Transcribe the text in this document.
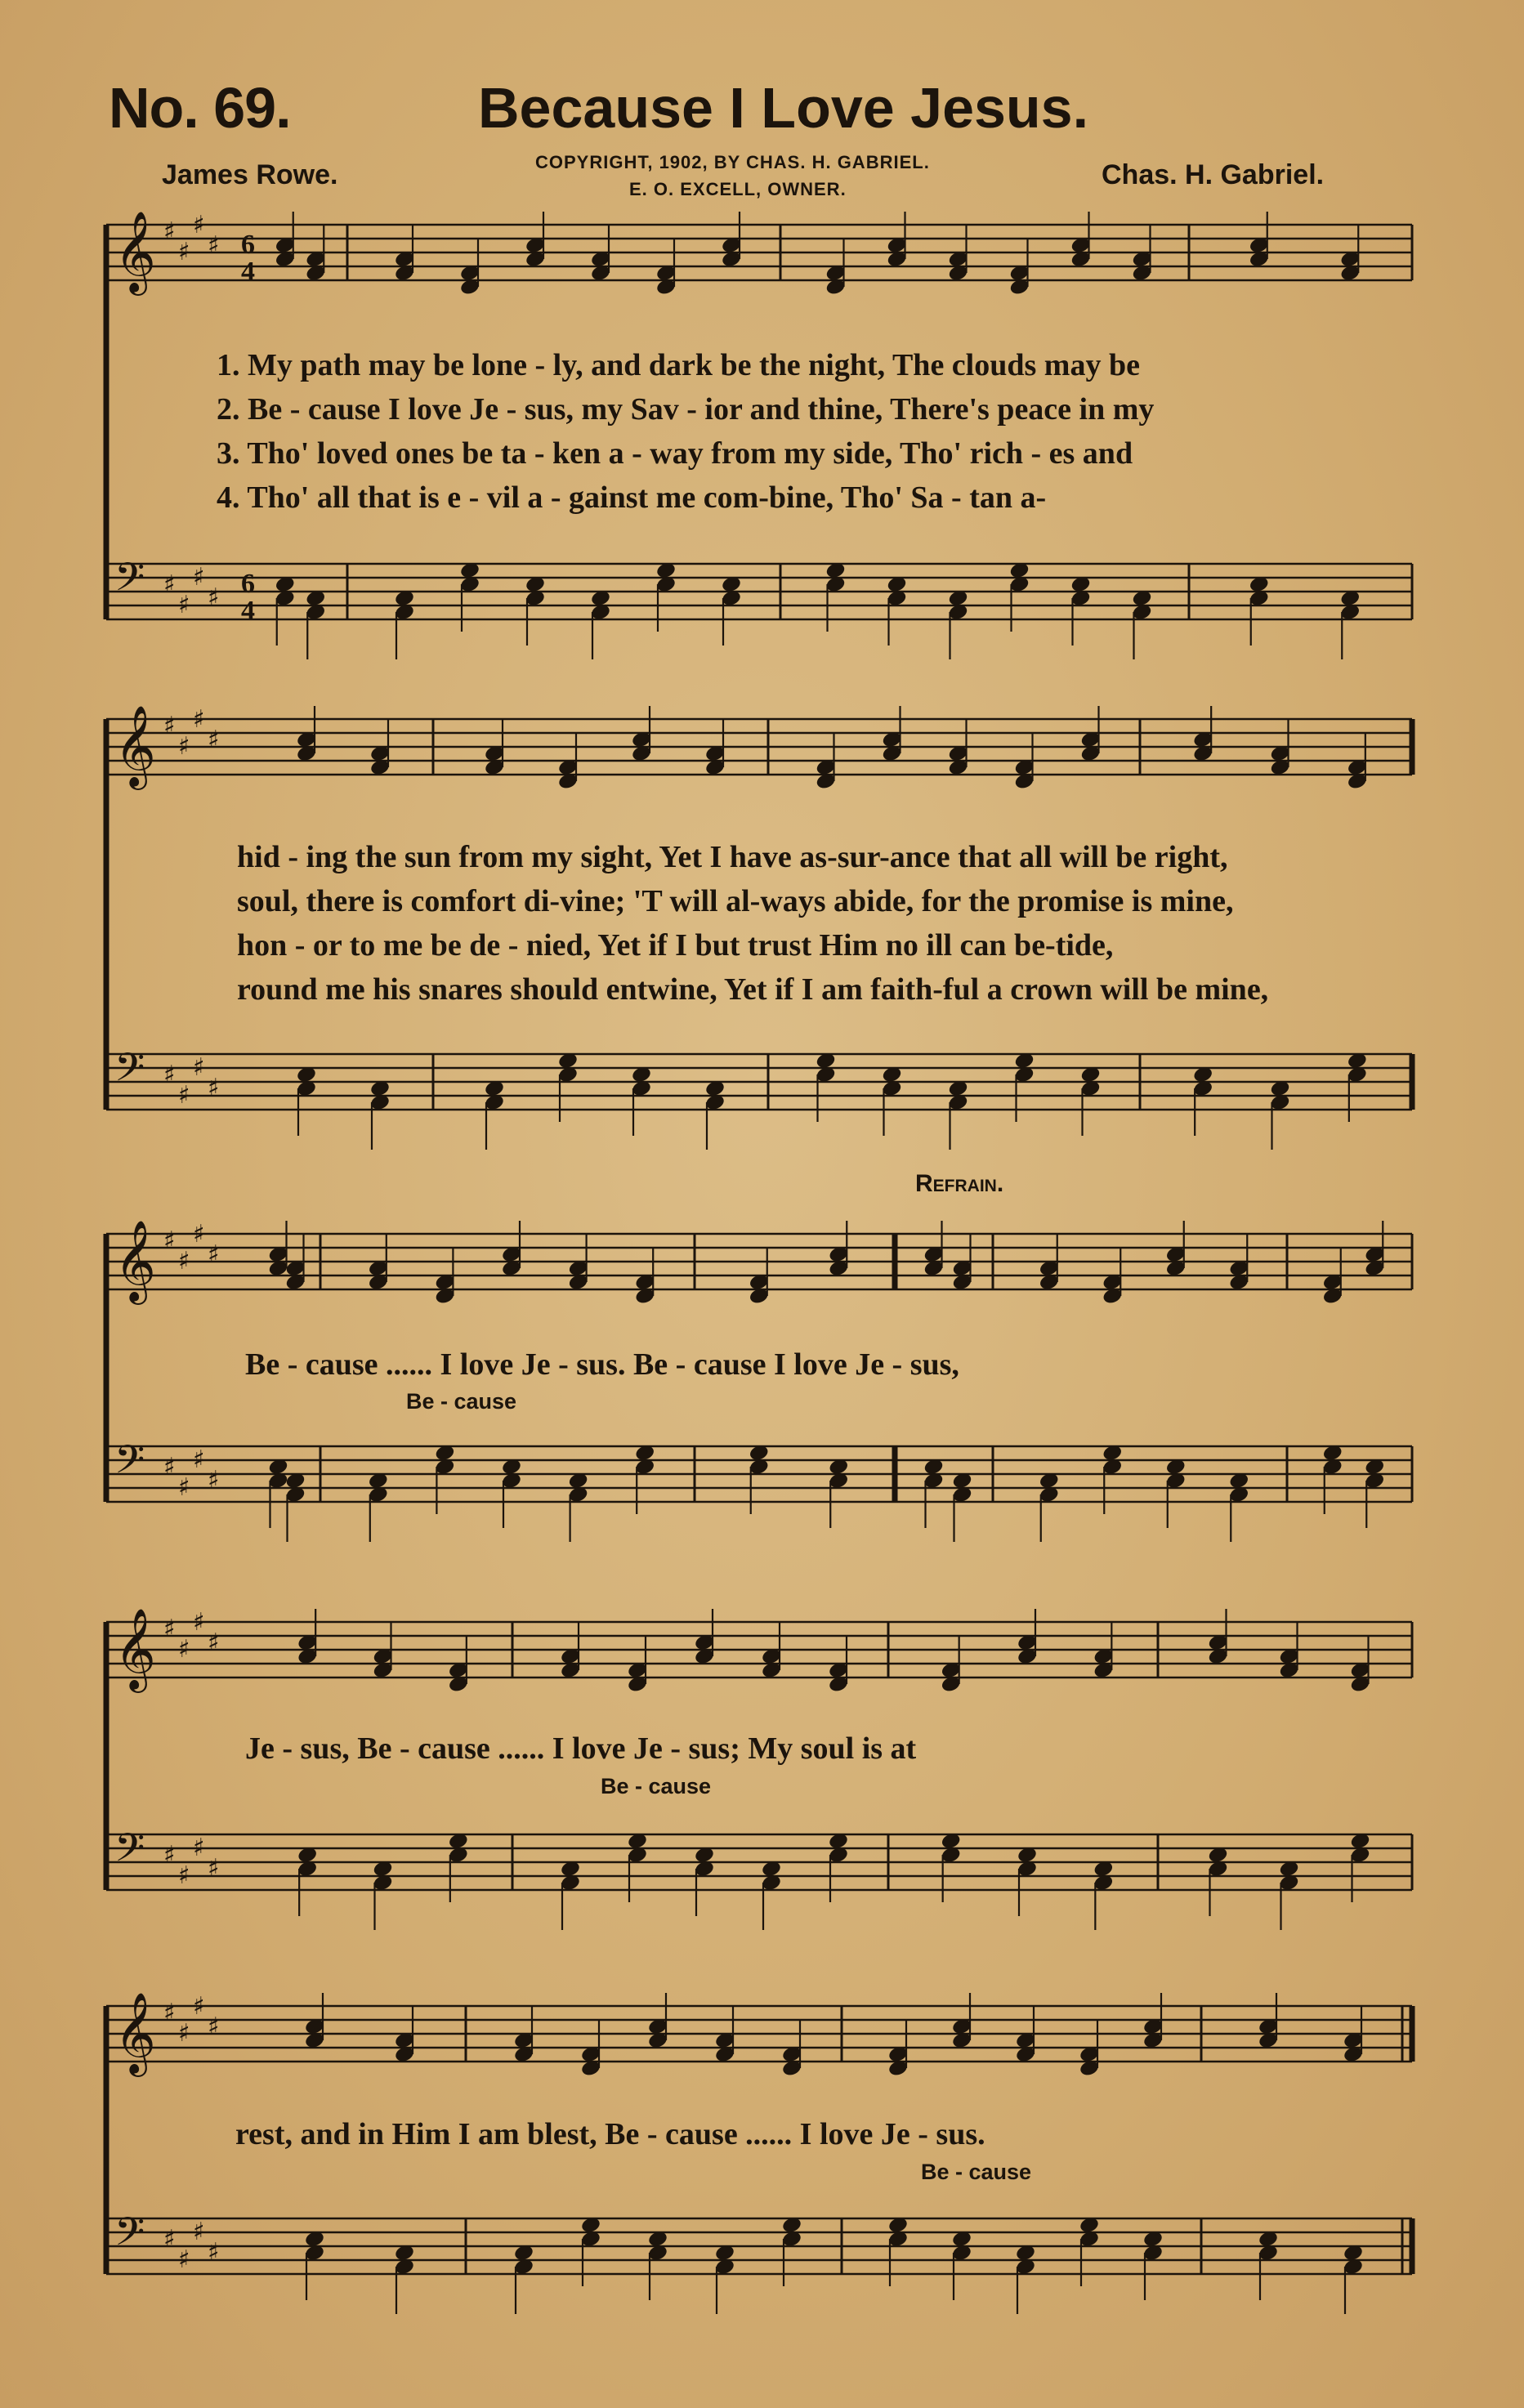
No. 69.	Because I Love Jesus.
James Rowe.	COPYRIGHT, 1902, BY CHAS. H. GABRIEL.
E. O. EXCELL, OWNER.	Chas. H. Gabriel.
𝄞 ♯
♯
♯
♯ 6
4
𝄢 ♯
♯
♯
♯ 6
4
𝄞 ♯
♯
♯
♯
𝄢 ♯
♯
♯
♯
𝄞 ♯
♯
♯
♯
𝄢 ♯
♯
♯
♯
𝄞 ♯
♯
♯
♯
𝄢 ♯
♯
♯
♯
𝄞 ♯
♯
♯
♯
𝄢 ♯
♯
♯
♯
1. My path may be lone - ly, and dark be the night, The clouds may be
2. Be - cause I love Je - sus, my Sav - ior and thine, There's peace in my
3. Tho' loved ones be ta - ken a - way from my side, Tho' rich - es and
4. Tho' all that is e - vil a - gainst me com-bine, Tho' Sa - tan a-
hid - ing the sun from my sight, Yet I have as-sur-ance that all will be right,
soul, there is comfort di-vine; 'T will al-ways abide, for the promise is mine,
hon - or to me be de - nied, Yet if I but trust Him no ill can be-tide,
round me his snares should entwine, Yet if I am faith-ful a crown will be mine,
Refrain.
Be - cause ...... I love Je - sus. Be - cause I love Je - sus,
Be - cause
Je - sus, Be - cause ...... I love Je - sus; My soul is at
Be - cause
rest, and in Him I am blest, Be - cause ...... I love Je - sus.
Be - cause
